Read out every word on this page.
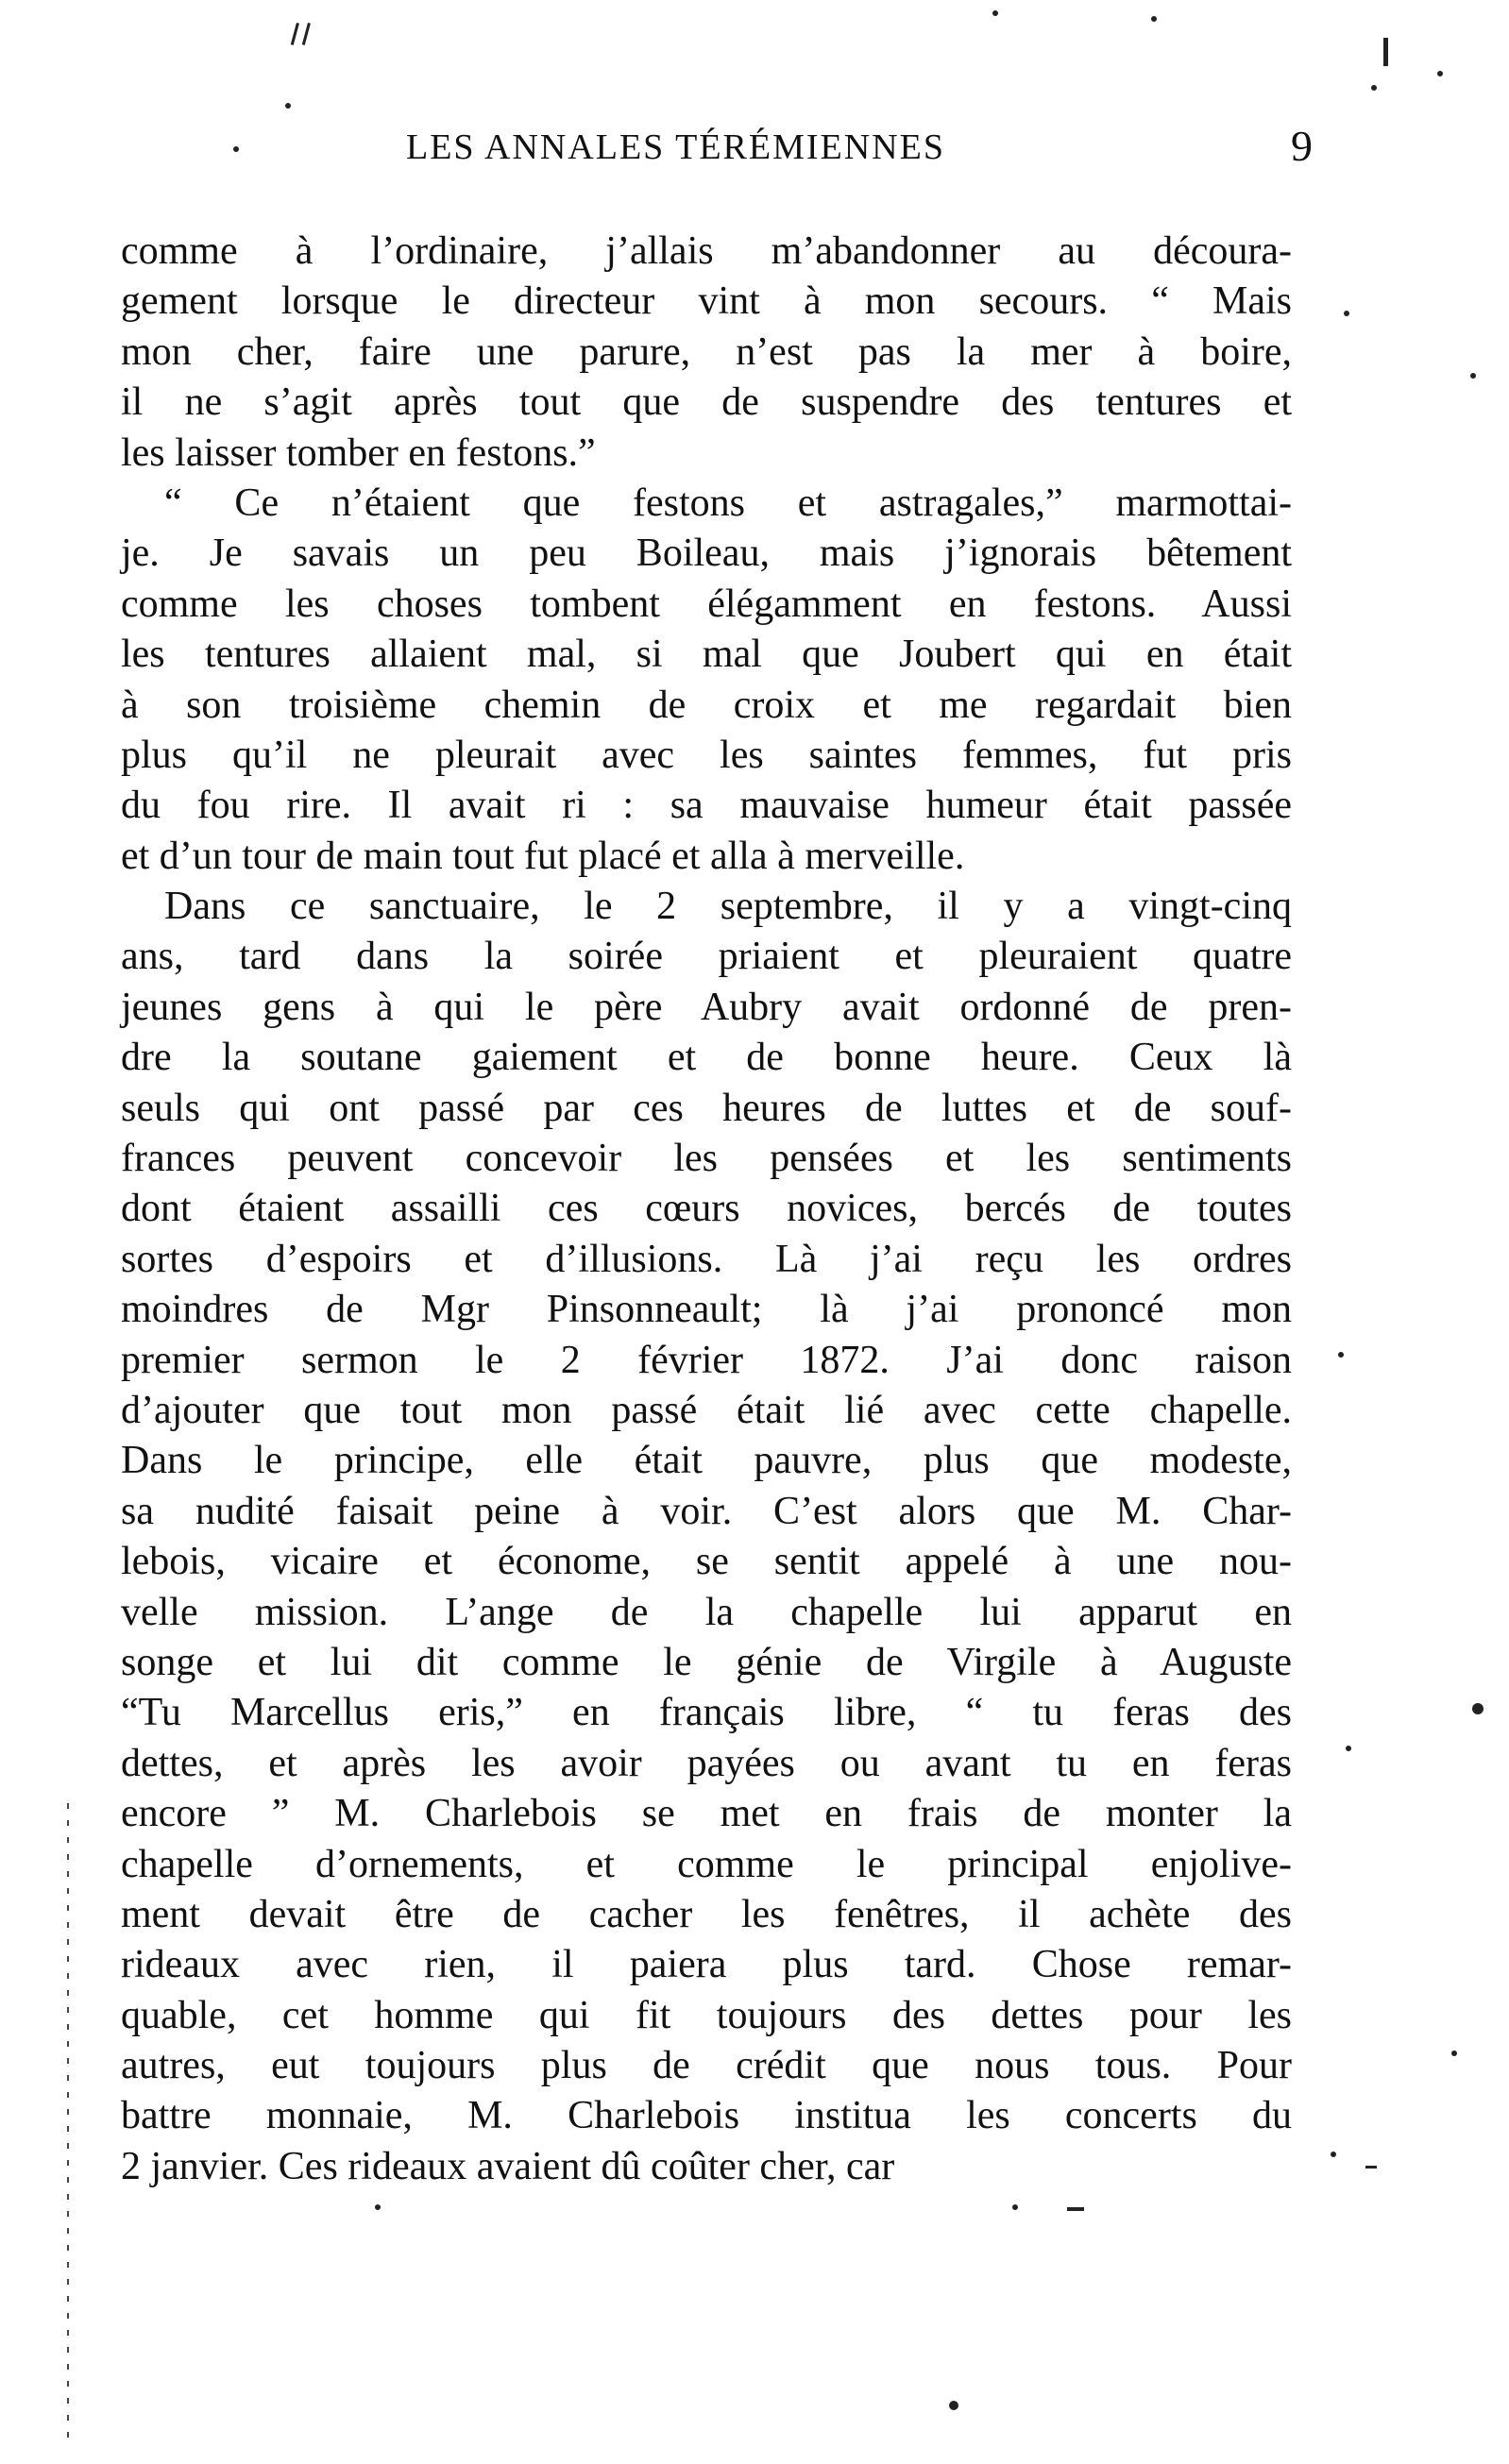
LES ANNALES TÉRÉMIENNES	9
comme à l’ordinaire, j’allais m’abandonner au découra-
gement lorsque le directeur vint à mon secours. “ Mais
mon cher, faire une parure, n’est pas la mer à boire,
il ne s’agit après tout que de suspendre des tentures et
les laisser tomber en festons.”
“ Ce n’étaient que festons et astragales,” marmottai-
je. Je savais un peu Boileau, mais j’ignorais bêtement
comme les choses tombent élégamment en festons. Aussi
les tentures allaient mal, si mal que Joubert qui en était
à son troisième chemin de croix et me regardait bien
plus qu’il ne pleurait avec les saintes femmes, fut pris
du fou rire. Il avait ri : sa mauvaise humeur était passée
et d’un tour de main tout fut placé et alla à merveille.
Dans ce sanctuaire, le 2 septembre, il y a vingt-cinq
ans, tard dans la soirée priaient et pleuraient quatre
jeunes gens à qui le père Aubry avait ordonné de pren-
dre la soutane gaiement et de bonne heure. Ceux là
seuls qui ont passé par ces heures de luttes et de souf-
frances peuvent concevoir les pensées et les sentiments
dont étaient assailli ces cœurs novices, bercés de toutes
sortes d’espoirs et d’illusions. Là j’ai reçu les ordres
moindres de Mgr Pinsonneault; là j’ai prononcé mon
premier sermon le 2 février 1872. J’ai donc raison
d’ajouter que tout mon passé était lié avec cette chapelle.
Dans le principe, elle était pauvre, plus que modeste,
sa nudité faisait peine à voir. C’est alors que M. Char-
lebois, vicaire et économe, se sentit appelé à une nou-
velle mission. L’ange de la chapelle lui apparut en
songe et lui dit comme le génie de Virgile à Auguste
“Tu Marcellus eris,” en français libre, “ tu feras des
dettes, et après les avoir payées ou avant tu en feras
encore ” M. Charlebois se met en frais de monter la
chapelle d’ornements, et comme le principal enjolive-
ment devait être de cacher les fenêtres, il achète des
rideaux avec rien, il paiera plus tard. Chose remar-
quable, cet homme qui fit toujours des dettes pour les
autres, eut toujours plus de crédit que nous tous. Pour
battre monnaie, M. Charlebois institua les concerts du
2 janvier. Ces rideaux avaient dû coûter cher, car
